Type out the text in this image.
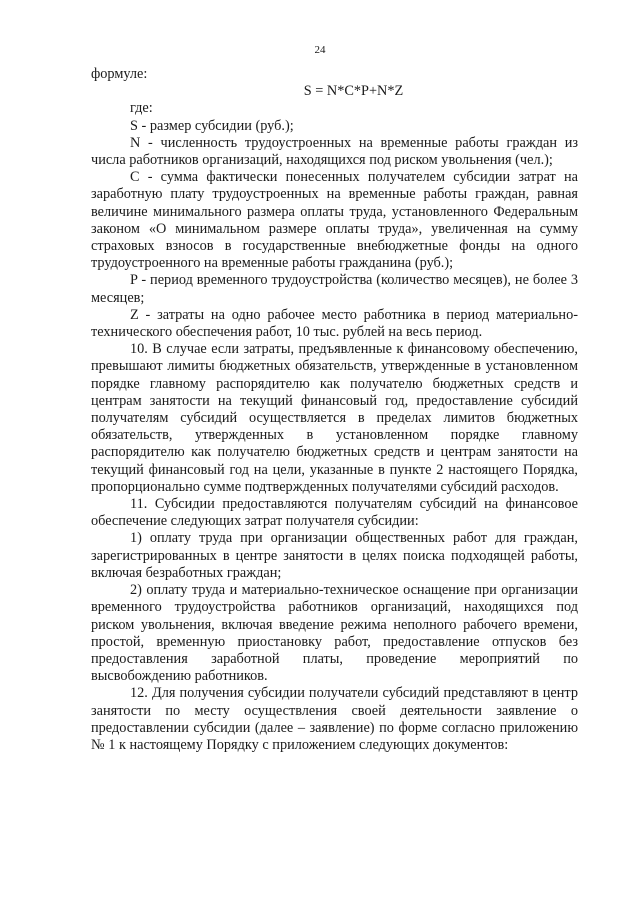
24

формуле:

S = N*C*P+N*Z

где:

S - размер субсидии (руб.);

N - численность трудоустроенных на временные работы граждан из числа работников организаций, находящихся под риском увольнения (чел.);

C - сумма фактически понесенных получателем субсидии затрат на заработную плату трудоустроенных на временные работы граждан, равная величине минимального размера оплаты труда, установленного Федеральным законом «О минимальном размере оплаты труда», увеличенная на сумму страховых взносов в государственные внебюджетные фонды на одного трудоустроенного на временные работы гражданина (руб.);

P - период временного трудоустройства (количество месяцев), не более 3 месяцев;

Z - затраты на одно рабочее место работника в период материально-технического обеспечения работ, 10 тыс. рублей на весь период.

10. В случае если затраты, предъявленные к финансовому обеспечению, превышают лимиты бюджетных обязательств, утвержденные в установленном порядке главному распорядителю как получателю бюджетных средств и центрам занятости на текущий финансовый год, предоставление субсидий получателям субсидий осуществляется в пределах лимитов бюджетных обязательств, утвержденных в установленном порядке главному распорядителю как получателю бюджетных средств и центрам занятости на текущий финансовый год на цели, указанные в пункте 2 настоящего Порядка, пропорционально сумме подтвержденных получателями субсидий расходов.

11. Субсидии предоставляются получателям субсидий на финансовое обеспечение следующих затрат получателя субсидии:

1) оплату труда при организации общественных работ для граждан, зарегистрированных в центре занятости в целях поиска подходящей работы, включая безработных граждан;

2) оплату труда и материально-техническое оснащение при организации временного трудоустройства работников организаций, находящихся под риском увольнения, включая введение режима неполного рабочего времени, простой, временную приостановку работ, предоставление отпусков без предоставления заработной платы, проведение мероприятий по высвобождению работников.

12. Для получения субсидии получатели субсидий представляют в центр занятости по месту осуществления своей деятельности заявление о предоставлении субсидии (далее – заявление) по форме согласно приложению № 1 к настоящему Порядку с приложением следующих документов:
